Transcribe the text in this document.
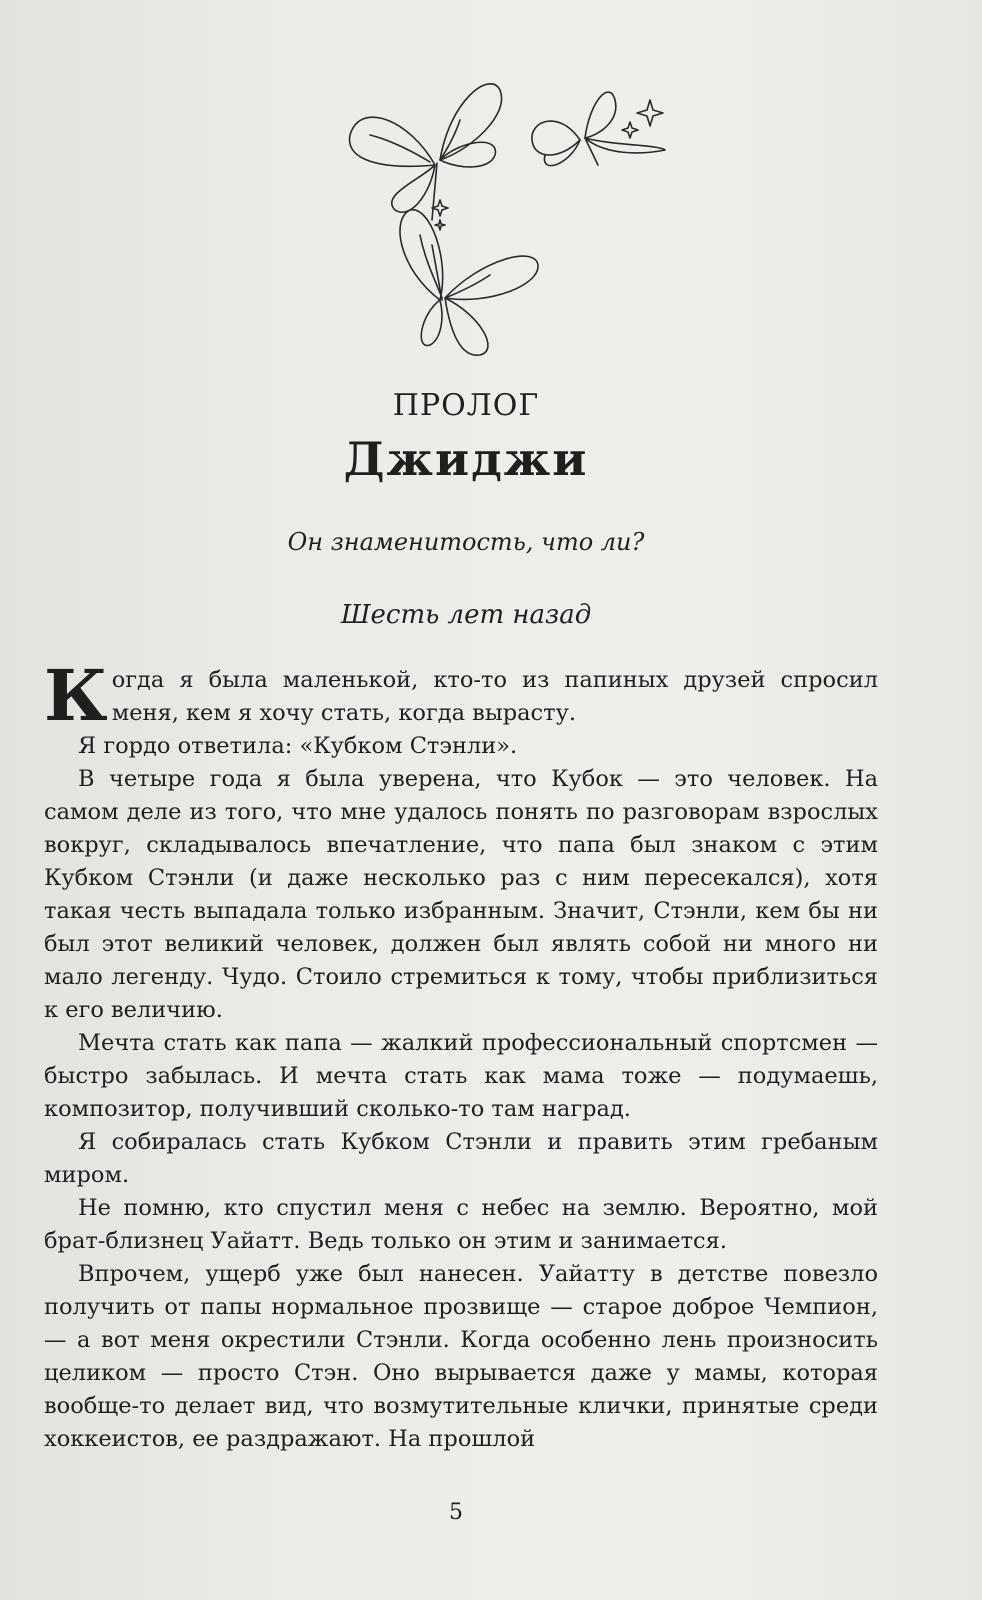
ПРОЛОГ
Джиджи
Он знаменитость, что ли?
Шесть лет назад

Когда я была маленькой, кто-то из папиных друзей спросил меня, кем я хочу стать, когда вырасту.

Я гордо ответила: «Кубком Стэнли».

В четыре года я была уверена, что Кубок — это человек. На самом деле из того, что мне удалось понять по разговорам взрослых вокруг, складывалось впечатление, что папа был знаком с этим Кубком Стэнли (и даже несколько раз с ним пересекался), хотя такая честь выпадала только избранным. Значит, Стэнли, кем бы ни был этот великий человек, должен был являть собой ни много ни мало легенду. Чудо. Стоило стремиться к тому, чтобы приблизиться к его величию.

Мечта стать как папа — жалкий профессиональный спортсмен — быстро забылась. И мечта стать как мама тоже — подумаешь, композитор, получивший сколько-то там наград.

Я собиралась стать Кубком Стэнли и править этим гребаным миром.

Не помню, кто спустил меня с небес на землю. Вероятно, мой брат-близнец Уайатт. Ведь только он этим и занимается.

Впрочем, ущерб уже был нанесен. Уайатту в детстве повезло получить от папы нормальное прозвище — старое доброе Чемпион, — а вот меня окрестили Стэнли. Когда особенно лень произносить целиком — просто Стэн. Оно вырывается даже у мамы, которая вообще-то делает вид, что возмутительные клички, принятые среди хоккеистов, ее раздражают. На прошлой

5
